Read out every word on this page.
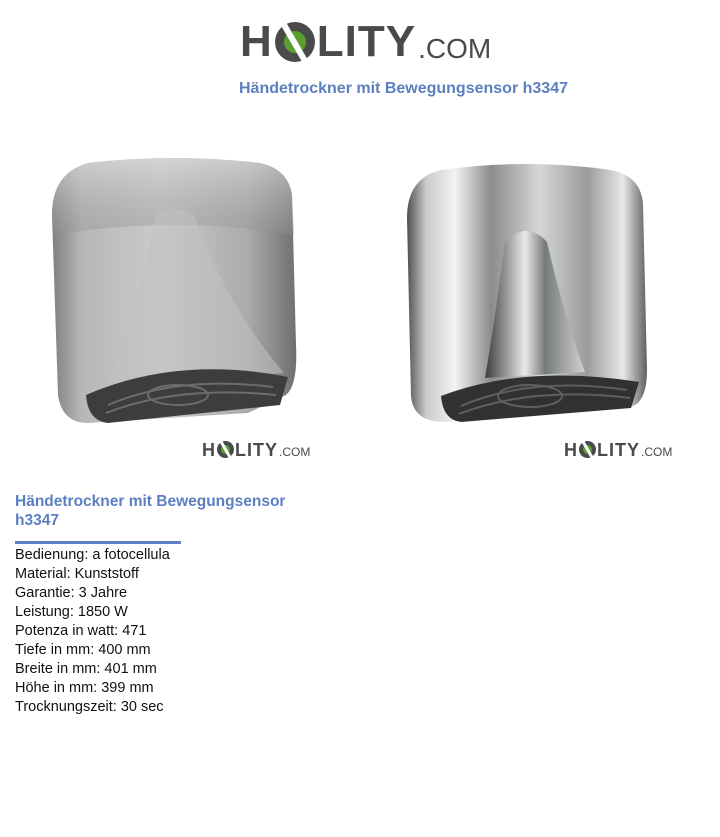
H LITY .COM
Händetrockner mit Bewegungsensor h3347
H LITY .COM	H LITY .COM
Händetrockner mit Bewegungsensor h3347
Bedienung: a fotocellula
Material: Kunststoff
Garantie: 3 Jahre
Leistung: 1850 W
Potenza in watt: 471
Tiefe in mm: 400 mm
Breite in mm: 401 mm
Höhe in mm: 399 mm
Trocknungszeit: 30 sec
